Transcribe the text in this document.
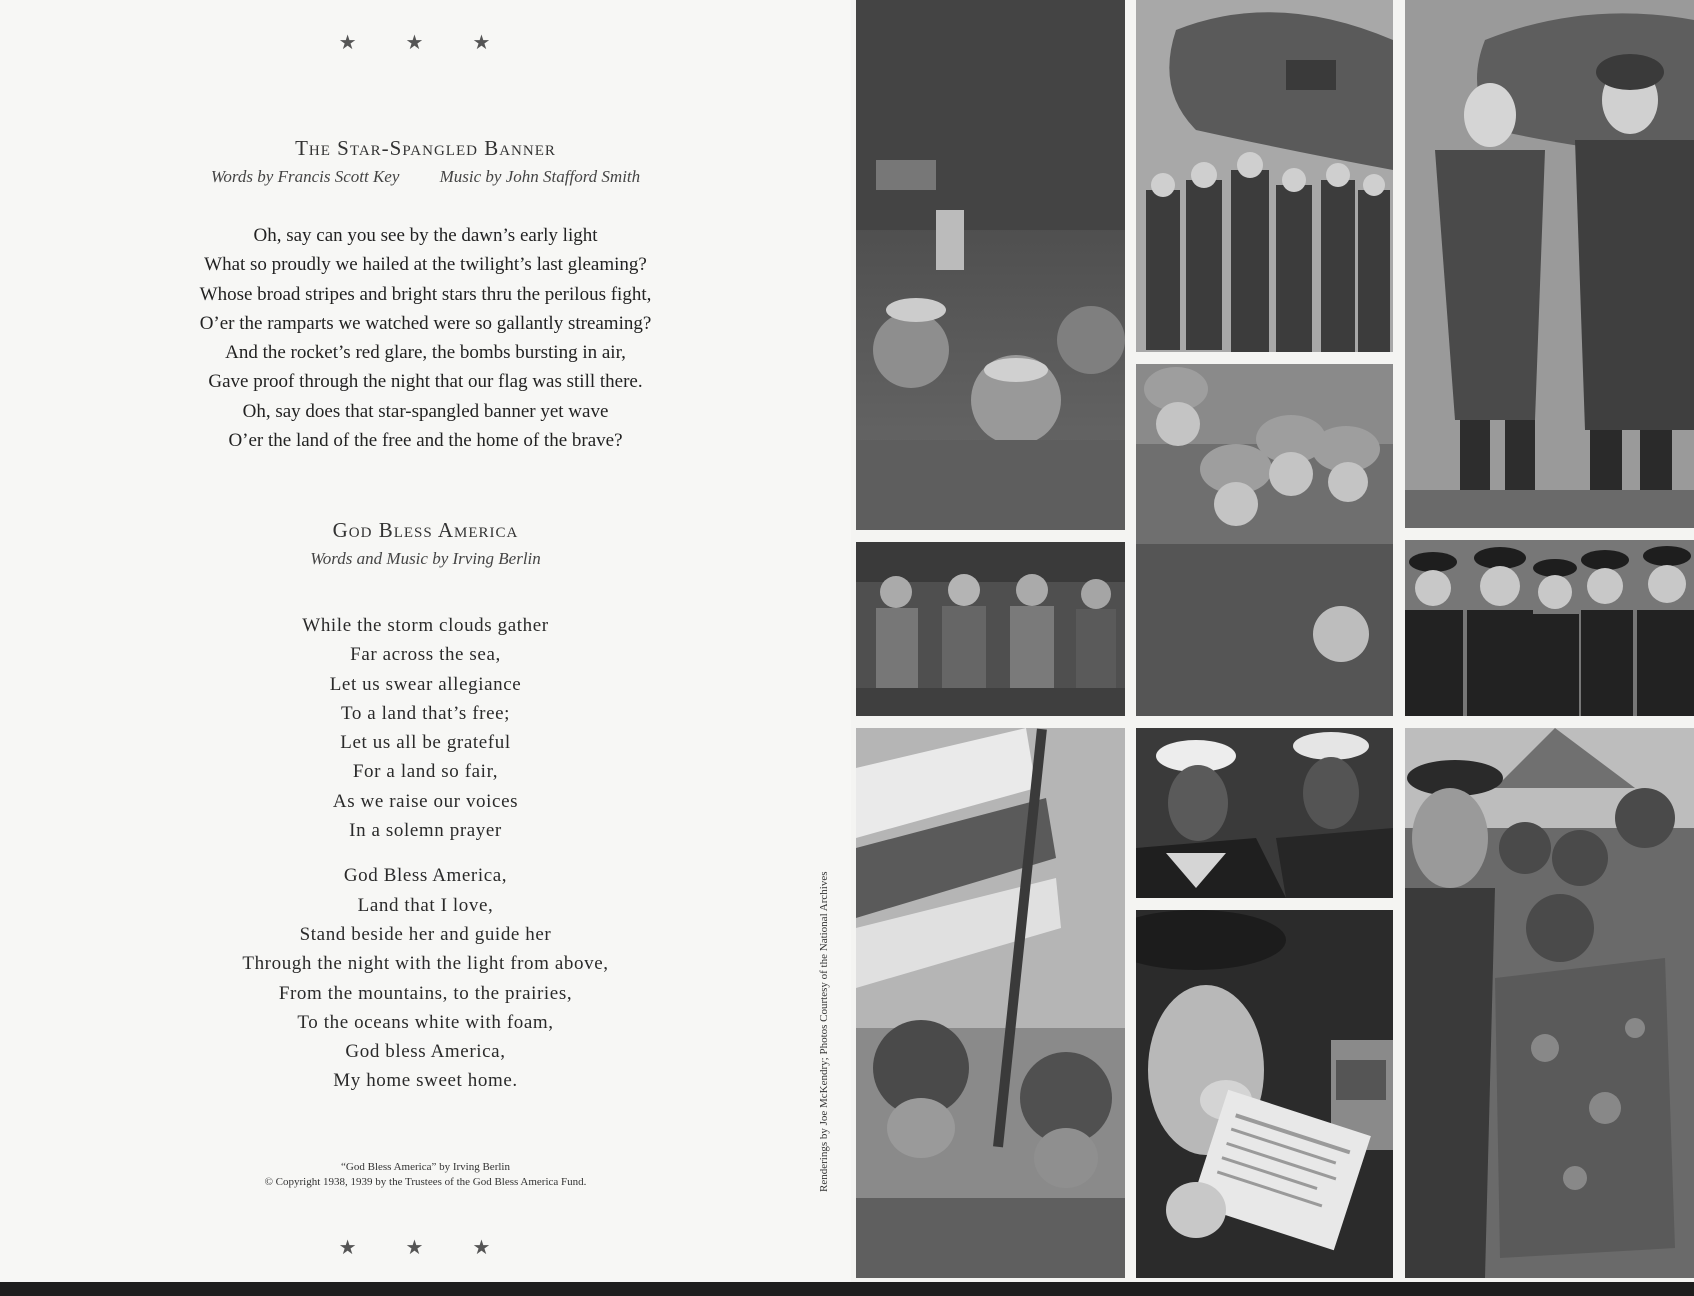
★ ★ ★
The Star-Spangled Banner
Words by Francis Scott Key Music by John Stafford Smith
Oh, say can you see by the dawn’s early light
What so proudly we hailed at the twilight’s last gleaming?
Whose broad stripes and bright stars thru the perilous fight,
O’er the ramparts we watched were so gallantly streaming?
And the rocket’s red glare, the bombs bursting in air,
Gave proof through the night that our flag was still there.
Oh, say does that star-spangled banner yet wave
O’er the land of the free and the home of the brave?
God Bless America
Words and Music by Irving Berlin
While the storm clouds gather
Far across the sea,
Let us swear allegiance
To a land that’s free;
Let us all be grateful
For a land so fair,
As we raise our voices
In a solemn prayer
God Bless America,
Land that I love,
Stand beside her and guide her
Through the night with the light from above,
From the mountains, to the prairies,
To the oceans white with foam,
God bless America,
My home sweet home.
“God Bless America” by Irving Berlin
© Copyright 1938, 1939 by the Trustees of the God Bless America Fund.
★ ★ ★
Renderings by Joe McKendry; Photos Courtesy of the National Archives
